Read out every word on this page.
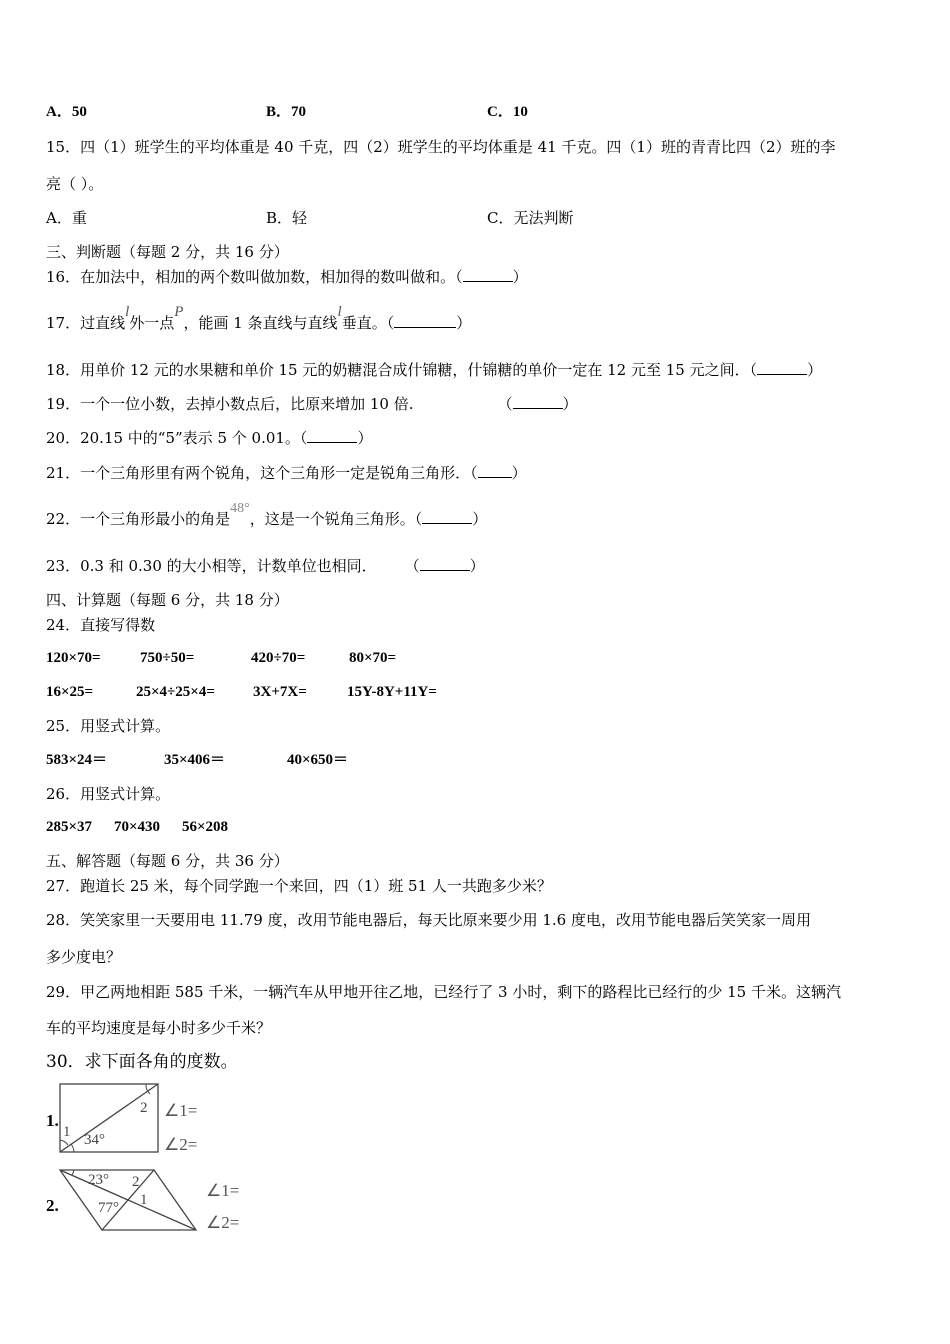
A．50	B．70	C．10
15．四（1）班学生的平均体重是 40 千克，四（2）班学生的平均体重是 41 千克。四（1）班的青青比四（2）班的李
亮（ ）。
A．重	B．轻	C．无法判断
三、判断题（每题 2 分，共 16 分）
16．在加法中，相加的两个数叫做加数，相加得的数叫做和。（	）
17．过直线l外一点P，能画 1 条直线与直线l垂直。（	）
18．用单价 12 元的水果糖和单价 15 元的奶糖混合成什锦糖，什锦糖的单价一定在 12 元至 15 元之间．（	）
19．一个一位小数，去掉小数点后，比原来增加 10 倍.	（	）
20．20.15 中的“5”表示 5 个 0.01。（	）
21．一个三角形里有两个锐角，这个三角形一定是锐角三角形．（ ）
22．一个三角形最小的角是48°，这是一个锐角三角形。（	）
23．0.3 和 0.30 的大小相等，计数单位也相同． （	）
四、计算题（每题 6 分，共 18 分）
24．直接写得数
120×70=	750÷50=	420÷70=	80×70=
16×25=	25×4÷25×4=	3X+7X=	15Y-8Y+11Y=
25．用竖式计算。
583×24＝	35×406＝	40×650＝
26．用竖式计算。
285×37 70×430 56×208
五、解答题（每题 6 分，共 36 分）
27．跑道长 25 米，每个同学跑一个来回，四（1）班 51 人一共跑多少米？
28．笑笑家里一天要用电 11.79 度，改用节能电器后，每天比原来要少用 1.6 度电，改用节能电器后笑笑家一周用
多少度电？
29．甲乙两地相距 585 千米，一辆汽车从甲地开往乙地，已经行了 3 小时，剩下的路程比已经行的少 15 千米。这辆汽
车的平均速度是每小时多少千米？
30．求下面各角的度数。
1.
1
2
34°
∠1=
∠2=
2.
23° 2
77° 1	∠1=
∠2=
